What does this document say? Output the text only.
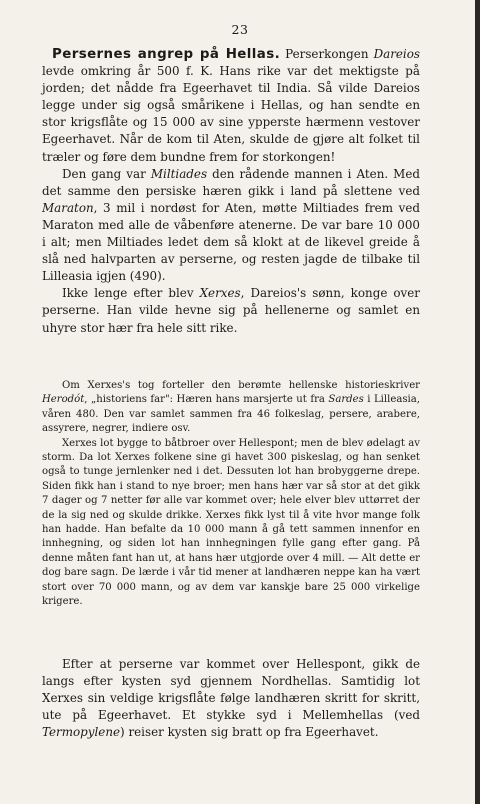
23

Persernes angrep på Hellas. Perserkongen Dareios levde omkring år 500 f. K. Hans rike var det mektigste på jorden; det nådde fra Egeerhavet til India. Så vilde Dareios legge under sig også smårikene i Hellas, og han sendte en stor krigsflåte og 15 000 av sine ypperste hærmenn vestover Egeerhavet. Når de kom til Aten, skulde de gjøre alt folket til træler og føre dem bundne frem for storkongen!

Den gang var Miltiades den rådende mannen i Aten. Med det samme den persiske hæren gikk i land på slettene ved Maraton, 3 mil i nordøst for Aten, møtte Miltiades frem ved Maraton med alle de våbenføre atenerne. De var bare 10 000 i alt; men Miltiades ledet dem så klokt at de likevel greide å slå ned halvparten av perserne, og resten jagde de tilbake til Lilleasia igjen (490).

Ikke lenge efter blev Xerxes, Dareios's sønn, konge over perserne. Han vilde hevne sig på hellenerne og samlet en uhyre stor hær fra hele sitt rike.

Om Xerxes's tog forteller den berømte hellenske historieskriver Herodót, „historiens far": Hæren hans marsjerte ut fra Sardes i Lilleasia, våren 480. Den var samlet sammen fra 46 folkeslag, persere, arabere, assyrere, negrer, indiere osv.

Xerxes lot bygge to båtbroer over Hellespont; men de blev ødelagt av storm. Da lot Xerxes folkene sine gi havet 300 piskeslag, og han senket også to tunge jernlenker ned i det. Dessuten lot han brobyggerne drepe. Siden fikk han i stand to nye broer; men hans hær var så stor at det gikk 7 dager og 7 netter før alle var kommet over; hele elver blev uttørret der de la sig ned og skulde drikke. Xerxes fikk lyst til å vite hvor mange folk han hadde. Han befalte da 10 000 mann å gå tett sammen innenfor en innhegning, og siden lot han innhegningen fylle gang efter gang. På denne måten fant han ut, at hans hær utgjorde over 4 mill. — Alt dette er dog bare sagn. De lærde i vår tid mener at landhæren neppe kan ha vært stort over 70 000 mann, og av dem var kanskje bare 25 000 virkelige krigere.

Efter at perserne var kommet over Hellespont, gikk de langs efter kysten syd gjennem Nordhellas. Samtidig lot Xerxes sin veldige krigsflåte følge landhæren skritt for skritt, ute på Egeerhavet. Et stykke syd i Mellemhellas (ved Termopylene) reiser kysten sig bratt op fra Egeerhavet.
